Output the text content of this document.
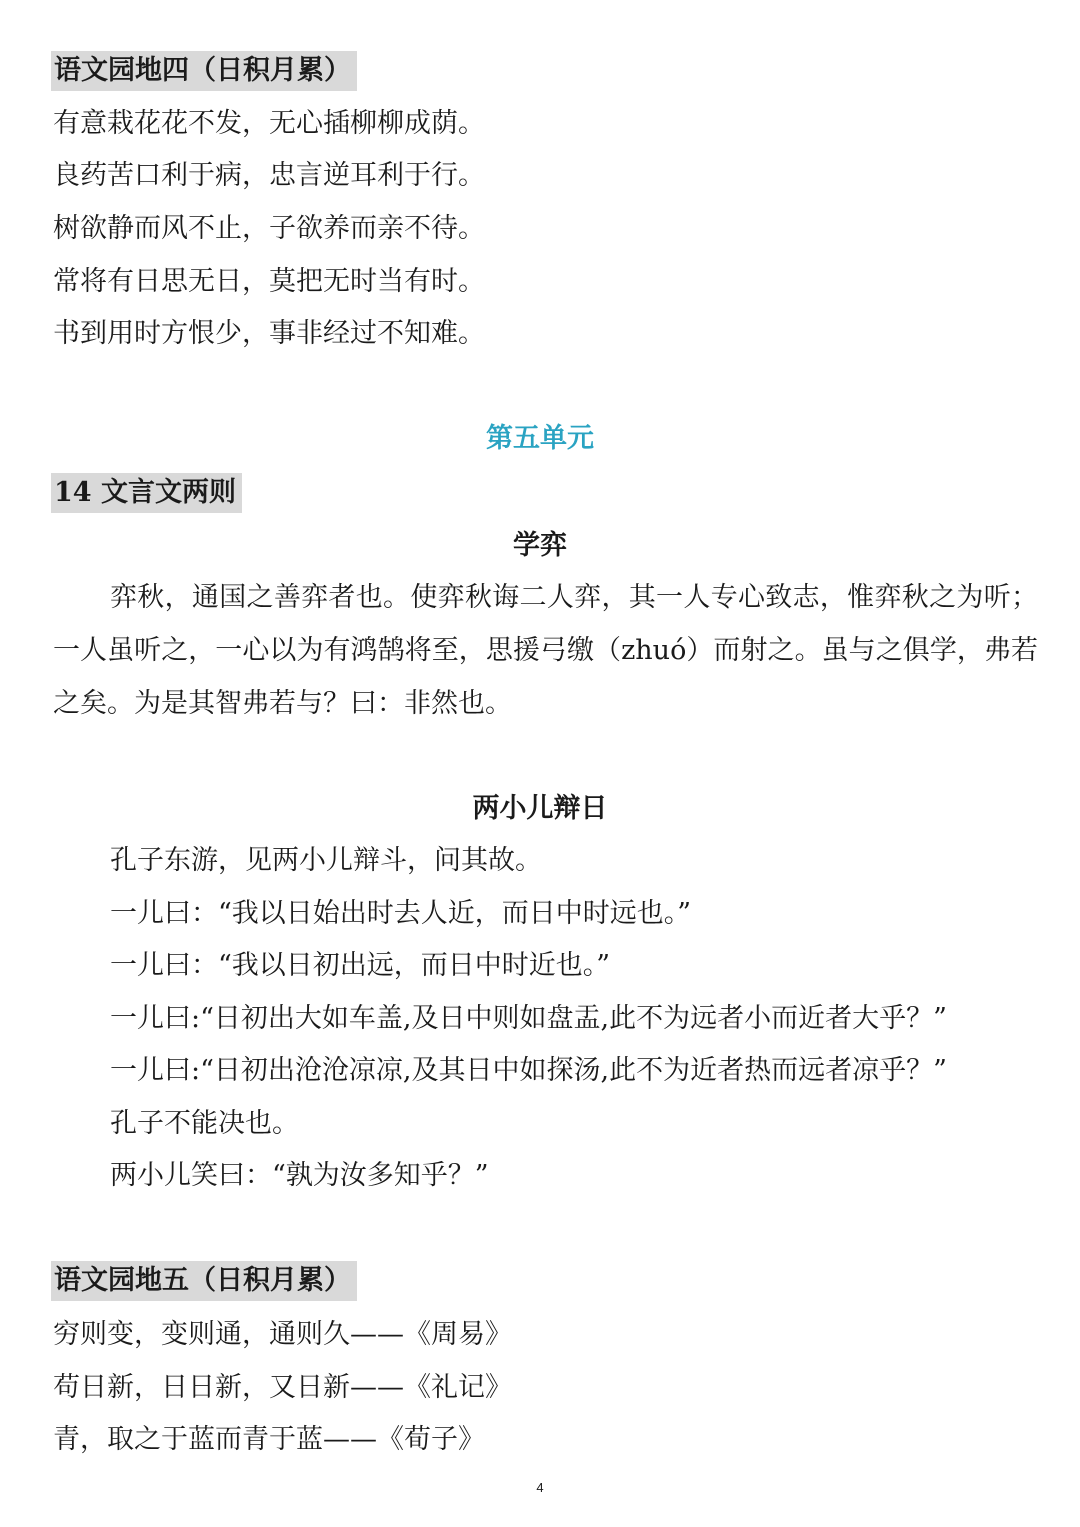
语文园地四（日积月累）
有意栽花花不发，无心插柳柳成荫。
良药苦口利于病，忠言逆耳利于行。
树欲静而风不止，子欲养而亲不待。
常将有日思无日，莫把无时当有时。
书到用时方恨少，事非经过不知难。
第五单元
14 文言文两则
学弈
弈秋，通国之善弈者也。使弈秋诲二人弈，其一人专心致志，惟弈秋之为听；一人虽听之，一心以为有鸿鹄将至，思援弓缴（zhuó）而射之。虽与之俱学，弗若之矣。为是其智弗若与？曰：非然也。
两小儿辩日
孔子东游，见两小儿辩斗，问其故。
一儿曰：“我以日始出时去人近，而日中时远也。”
一儿曰：“我以日初出远，而日中时近也。”
一儿曰:“日初出大如车盖,及日中则如盘盂,此不为远者小而近者大乎？”
一儿曰:“日初出沧沧凉凉,及其日中如探汤,此不为近者热而远者凉乎？”
孔子不能决也。
两小儿笑曰：“孰为汝多知乎？”
语文园地五（日积月累）
穷则变，变则通，通则久——《周易》
苟日新，日日新，又日新——《礼记》
青，取之于蓝而青于蓝——《荀子》
4
